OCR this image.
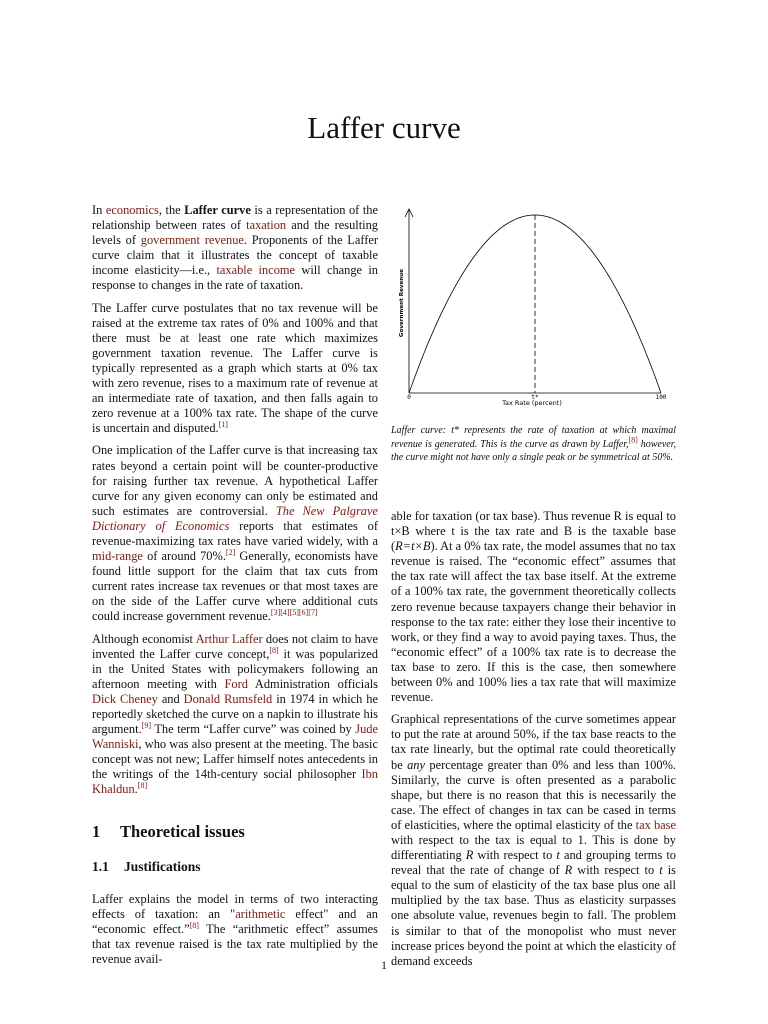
Laffer curve

In economics, the Laffer curve is a representation of the relationship between rates of taxation and the resulting levels of government revenue. Proponents of the Laffer curve claim that it illustrates the concept of taxable income elasticity—i.e., taxable income will change in response to changes in the rate of taxation.

The Laffer curve postulates that no tax revenue will be raised at the extreme tax rates of 0% and 100% and that there must be at least one rate which maximizes government taxation revenue. The Laffer curve is typically represented as a graph which starts at 0% tax with zero revenue, rises to a maximum rate of revenue at an intermediate rate of taxation, and then falls again to zero revenue at a 100% tax rate. The shape of the curve is uncertain and disputed.[1]

One implication of the Laffer curve is that increasing tax rates beyond a certain point will be counter-productive for raising further tax revenue. A hypothetical Laffer curve for any given economy can only be estimated and such estimates are controversial. The New Palgrave Dictionary of Economics reports that estimates of revenue-maximizing tax rates have varied widely, with a mid-range of around 70%.[2] Generally, economists have found little support for the claim that tax cuts from current rates increase tax revenues or that most taxes are on the side of the Laffer curve where additional cuts could increase government revenue.[3][4][5][6][7]

Although economist Arthur Laffer does not claim to have invented the Laffer curve concept,[8] it was popularized in the United States with policymakers following an afternoon meeting with Ford Administration officials Dick Cheney and Donald Rumsfeld in 1974 in which he reportedly sketched the curve on a napkin to illustrate his argument.[9] The term “Laffer curve” was coined by Jude Wanniski, who was also present at the meeting. The basic concept was not new; Laffer himself notes antecedents in the writings of the 14th-century social philosopher Ibn Khaldun.[8]

1 Theoretical issues
1.1 Justifications

Laffer explains the model in terms of two interacting effects of taxation: an "arithmetic effect" and an “economic effect.”[8] The “arithmetic effect” assumes that tax revenue raised is the tax rate multiplied by the revenue avail-

Government Revenue
Tax Rate (percent)
0	t*	100
Laffer curve: t* represents the rate of taxation at which maximal revenue is generated. This is the curve as drawn by Laffer,[8] however, the curve might not have only a single peak or be symmetrical at 50%.

able for taxation (or tax base). Thus revenue R is equal to t×B where t is the tax rate and B is the taxable base (R=t×B). At a 0% tax rate, the model assumes that no tax revenue is raised. The “economic effect” assumes that the tax rate will affect the tax base itself. At the extreme of a 100% tax rate, the government theoretically collects zero revenue because taxpayers change their behavior in response to the tax rate: either they lose their incentive to work, or they find a way to avoid paying taxes. Thus, the “economic effect” of a 100% tax rate is to decrease the tax base to zero. If this is the case, then somewhere between 0% and 100% lies a tax rate that will maximize revenue.

Graphical representations of the curve sometimes appear to put the rate at around 50%, if the tax base reacts to the tax rate linearly, but the optimal rate could theoretically be any percentage greater than 0% and less than 100%. Similarly, the curve is often presented as a parabolic shape, but there is no reason that this is necessarily the case. The effect of changes in tax can be cased in terms of elasticities, where the optimal elasticity of the tax base with respect to the tax is equal to 1. This is done by differentiating R with respect to t and grouping terms to reveal that the rate of change of R with respect to t is equal to the sum of elasticity of the tax base plus one all multiplied by the tax base. Thus as elasticity surpasses one absolute value, revenues begin to fall. The problem is similar to that of the monopolist who must never increase prices beyond the point at which the elasticity of demand exceeds

1
